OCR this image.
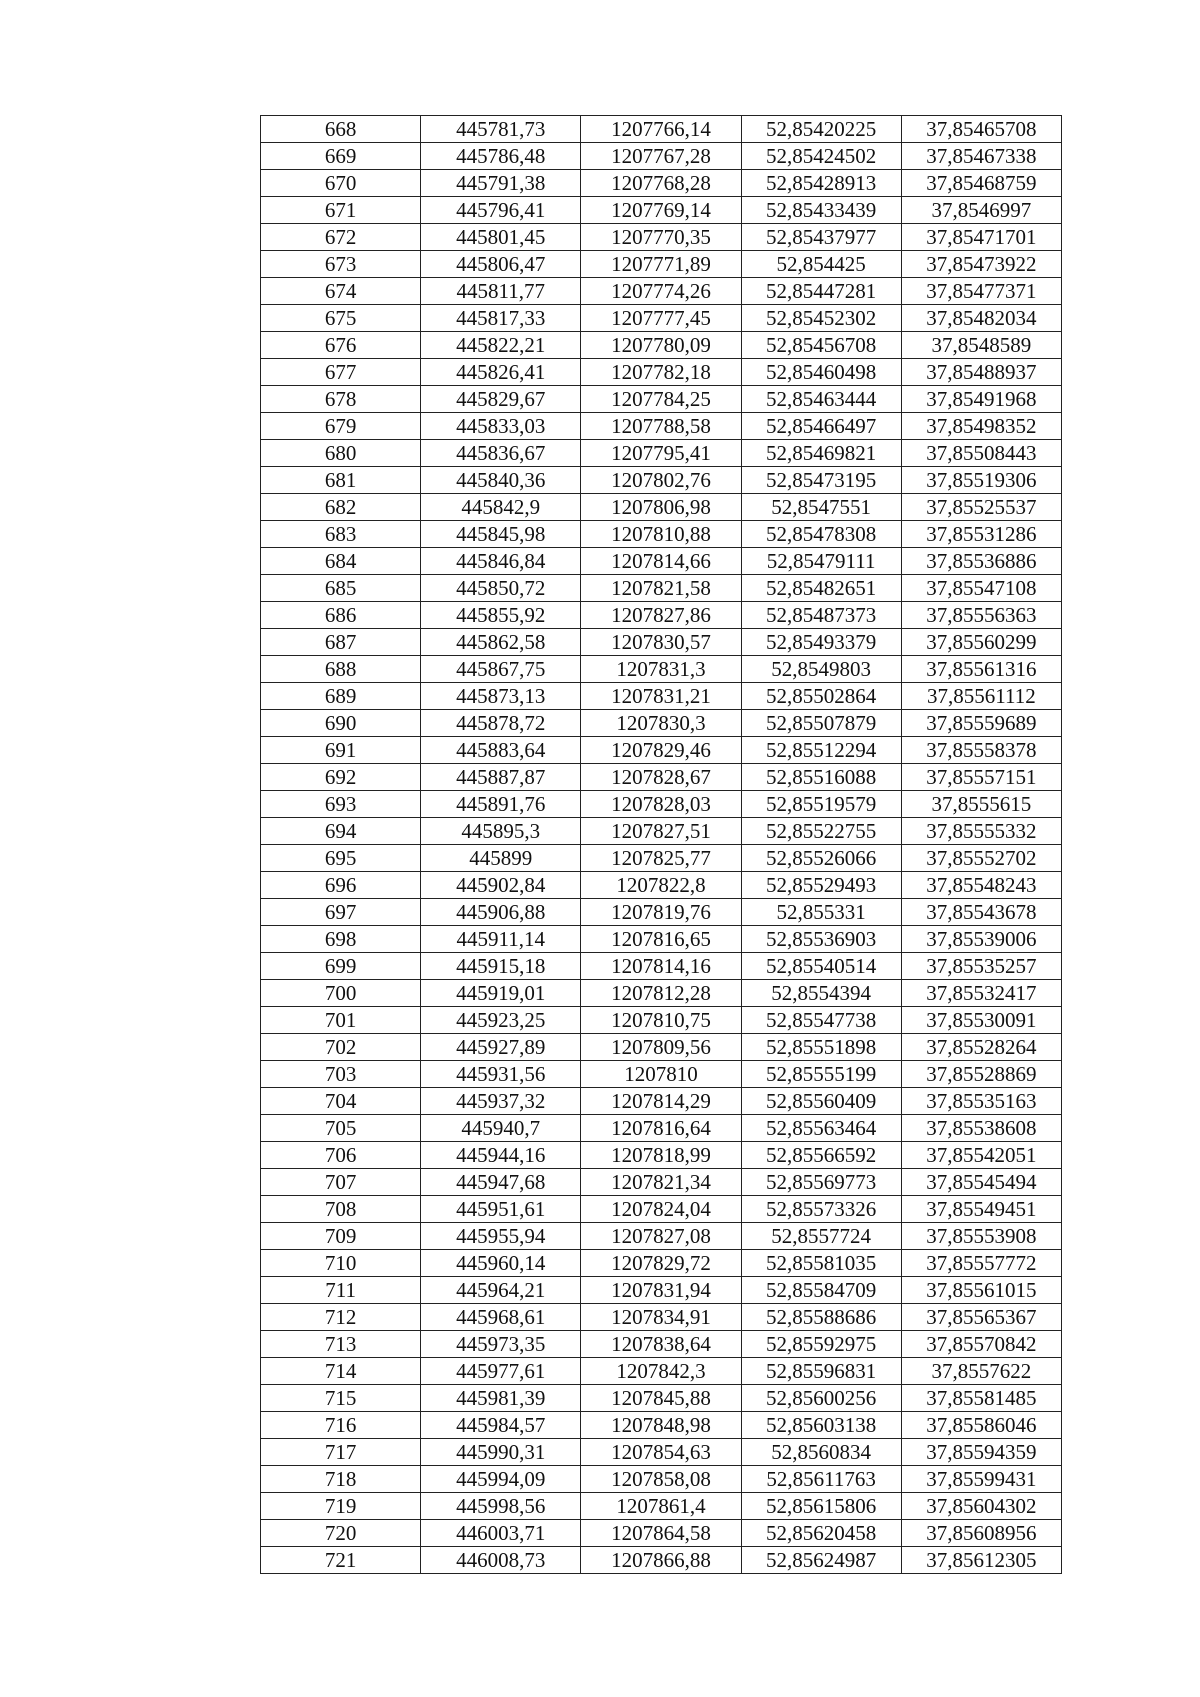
668	445781,73	1207766,14	52,85420225	37,85465708
669	445786,48	1207767,28	52,85424502	37,85467338
670	445791,38	1207768,28	52,85428913	37,85468759
671	445796,41	1207769,14	52,85433439	37,8546997
672	445801,45	1207770,35	52,85437977	37,85471701
673	445806,47	1207771,89	52,854425	37,85473922
674	445811,77	1207774,26	52,85447281	37,85477371
675	445817,33	1207777,45	52,85452302	37,85482034
676	445822,21	1207780,09	52,85456708	37,8548589
677	445826,41	1207782,18	52,85460498	37,85488937
678	445829,67	1207784,25	52,85463444	37,85491968
679	445833,03	1207788,58	52,85466497	37,85498352
680	445836,67	1207795,41	52,85469821	37,85508443
681	445840,36	1207802,76	52,85473195	37,85519306
682	445842,9	1207806,98	52,8547551	37,85525537
683	445845,98	1207810,88	52,85478308	37,85531286
684	445846,84	1207814,66	52,85479111	37,85536886
685	445850,72	1207821,58	52,85482651	37,85547108
686	445855,92	1207827,86	52,85487373	37,85556363
687	445862,58	1207830,57	52,85493379	37,85560299
688	445867,75	1207831,3	52,8549803	37,85561316
689	445873,13	1207831,21	52,85502864	37,85561112
690	445878,72	1207830,3	52,85507879	37,85559689
691	445883,64	1207829,46	52,85512294	37,85558378
692	445887,87	1207828,67	52,85516088	37,85557151
693	445891,76	1207828,03	52,85519579	37,8555615
694	445895,3	1207827,51	52,85522755	37,85555332
695	445899	1207825,77	52,85526066	37,85552702
696	445902,84	1207822,8	52,85529493	37,85548243
697	445906,88	1207819,76	52,855331	37,85543678
698	445911,14	1207816,65	52,85536903	37,85539006
699	445915,18	1207814,16	52,85540514	37,85535257
700	445919,01	1207812,28	52,8554394	37,85532417
701	445923,25	1207810,75	52,85547738	37,85530091
702	445927,89	1207809,56	52,85551898	37,85528264
703	445931,56	1207810	52,85555199	37,85528869
704	445937,32	1207814,29	52,85560409	37,85535163
705	445940,7	1207816,64	52,85563464	37,85538608
706	445944,16	1207818,99	52,85566592	37,85542051
707	445947,68	1207821,34	52,85569773	37,85545494
708	445951,61	1207824,04	52,85573326	37,85549451
709	445955,94	1207827,08	52,8557724	37,85553908
710	445960,14	1207829,72	52,85581035	37,85557772
711	445964,21	1207831,94	52,85584709	37,85561015
712	445968,61	1207834,91	52,85588686	37,85565367
713	445973,35	1207838,64	52,85592975	37,85570842
714	445977,61	1207842,3	52,85596831	37,8557622
715	445981,39	1207845,88	52,85600256	37,85581485
716	445984,57	1207848,98	52,85603138	37,85586046
717	445990,31	1207854,63	52,8560834	37,85594359
718	445994,09	1207858,08	52,85611763	37,85599431
719	445998,56	1207861,4	52,85615806	37,85604302
720	446003,71	1207864,58	52,85620458	37,85608956
721	446008,73	1207866,88	52,85624987	37,85612305
